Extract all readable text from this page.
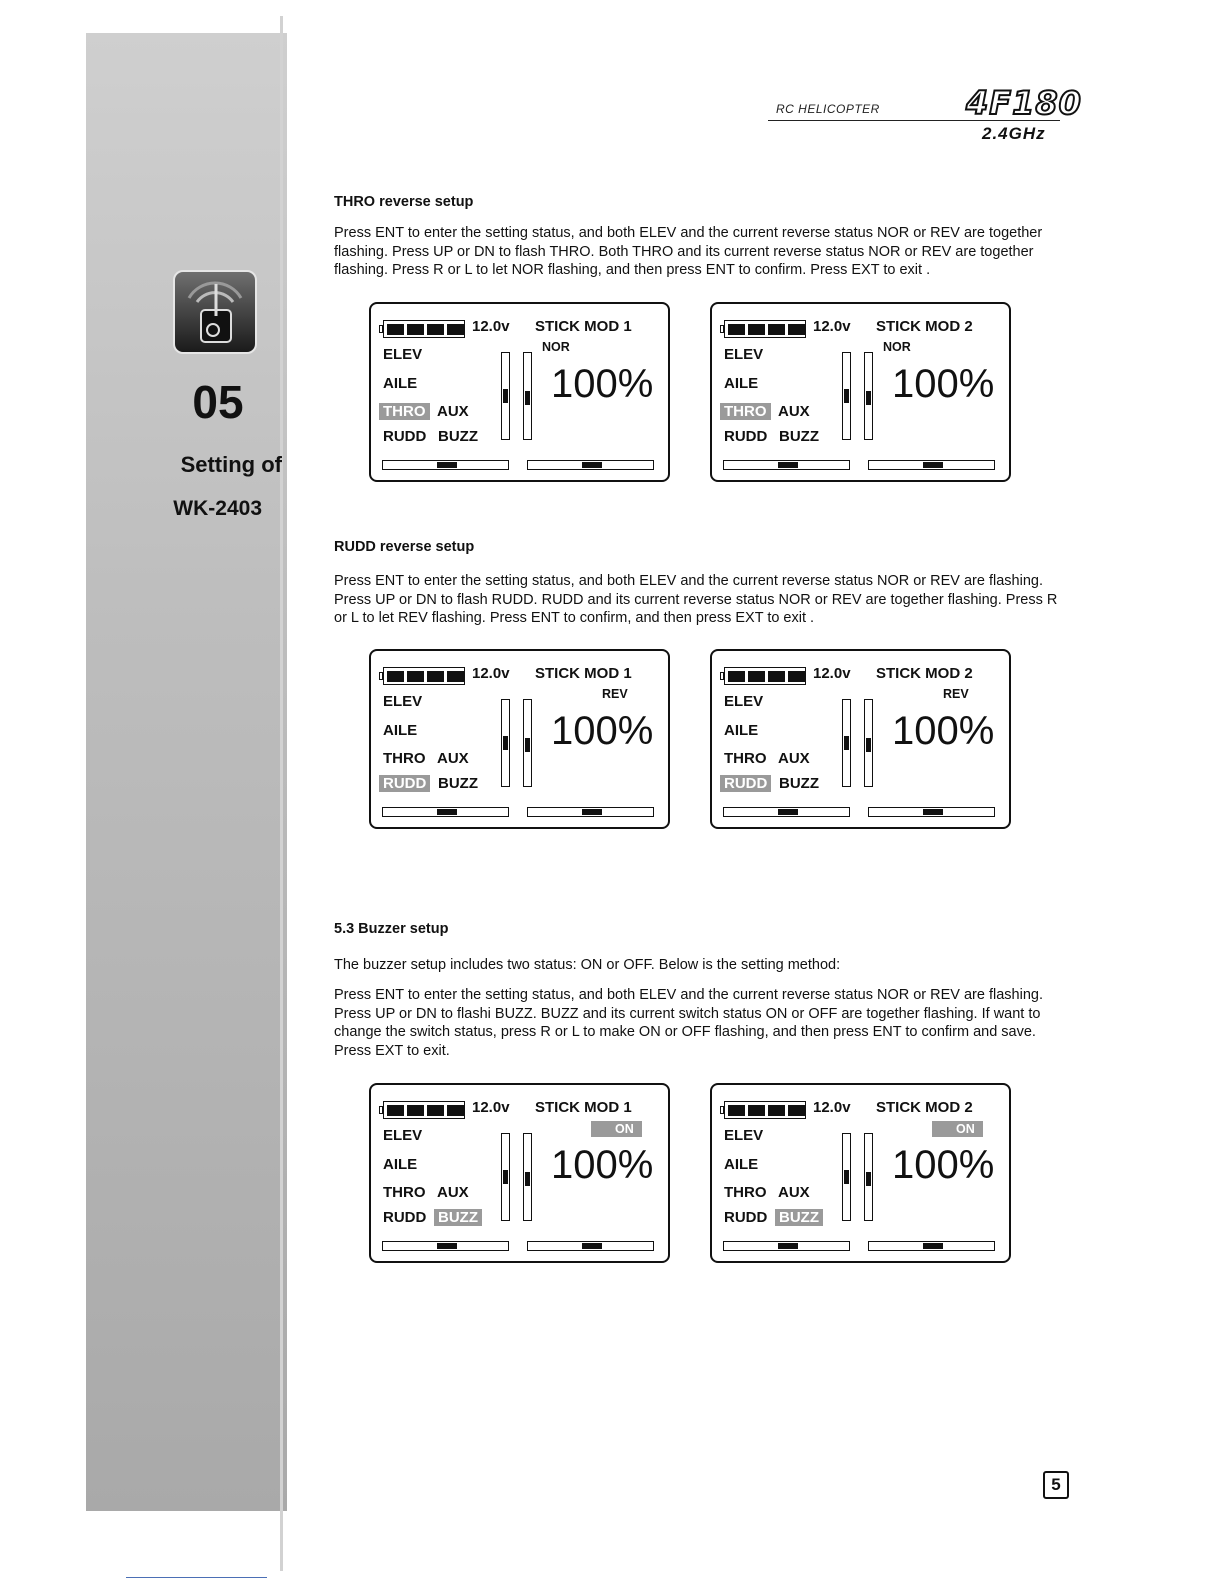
05
Setting of
WK-2403
RC HELICOPTER	4F180
2.4GHz
THRO reverse setup

Press ENT to enter the setting status, and both ELEV and the current reverse status NOR or REV are together flashing. Press UP or DN to flash THRO. Both THRO and its current reverse status NOR or REV are together flashing. Press R or L to let NOR flashing, and then press ENT to confirm. Press EXT to exit .

12.0v STICK MOD 1
NOR
ELEV
AILE
THRO AUX
RUDD BUZZ
100%
12.0v STICK MOD 2
NOR
ELEV
AILE
THRO AUX
RUDD BUZZ
100%
RUDD reverse setup

Press ENT to enter the setting status, and both ELEV and the current reverse status NOR or REV are flashing. Press UP or DN to flash RUDD. RUDD and its current reverse status NOR or REV are together flashing. Press R or L to let REV flashing. Press ENT to confirm, and then press EXT to exit .

12.0v STICK MOD 1
REV
ELEV
AILE
THRO AUX
RUDD BUZZ
100%
12.0v STICK MOD 2
REV
ELEV
AILE
THRO AUX
RUDD BUZZ
100%
5.3 Buzzer setup

The buzzer setup includes two status: ON or OFF. Below is the setting method:

Press ENT to enter the setting status, and both ELEV and the current reverse status NOR or REV are flashing. Press UP or DN to flashi BUZZ. BUZZ and its current switch status ON or OFF are together flashing. If want to change the switch status, press R or L to make ON or OFF flashing, and then press ENT to confirm and save. Press EXT to exit.

12.0v STICK MOD 1
ON
ELEV
AILE
THRO AUX
RUDD BUZZ
100%
12.0v STICK MOD 2
ON
ELEV
AILE
THRO AUX
RUDD BUZZ
100%
5
